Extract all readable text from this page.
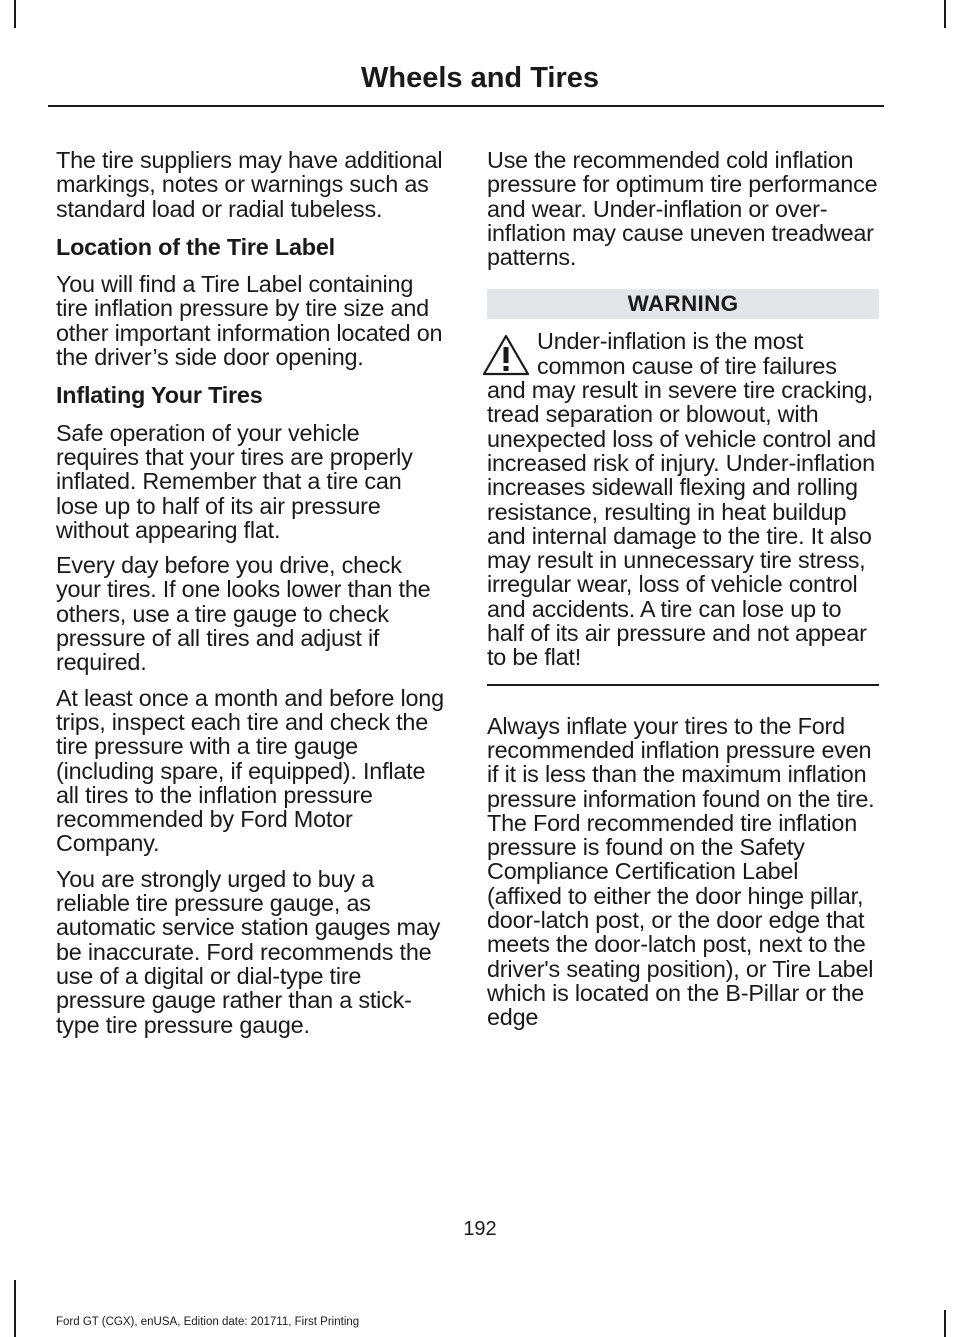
Wheels and Tires

The tire suppliers may have additional markings, notes or warnings such as standard load or radial tubeless.

Location of the Tire Label

You will find a Tire Label containing tire inflation pressure by tire size and other important information located on the driver’s side door opening.

Inflating Your Tires

Safe operation of your vehicle requires that your tires are properly inflated. Remember that a tire can lose up to half of its air pressure without appearing flat.

Every day before you drive, check your tires. If one looks lower than the others, use a tire gauge to check pressure of all tires and adjust if required.

At least once a month and before long trips, inspect each tire and check the tire pressure with a tire gauge (including spare, if equipped). Inflate all tires to the inflation pressure recommended by Ford Motor Company.

You are strongly urged to buy a reliable tire pressure gauge, as automatic service station gauges may be inaccurate. Ford recommends the use of a digital or dial-type tire pressure gauge rather than a stick-type tire pressure gauge.

Use the recommended cold inflation pressure for optimum tire performance and wear. Under-inflation or over-inflation may cause uneven treadwear patterns.

WARNING

Under-inflation is the most common cause of tire failures and may result in severe tire cracking, tread separation or blowout, with unexpected loss of vehicle control and increased risk of injury. Under-inflation increases sidewall flexing and rolling resistance, resulting in heat buildup and internal damage to the tire. It also may result in unnecessary tire stress, irregular wear, loss of vehicle control and accidents. A tire can lose up to half of its air pressure and not appear to be flat!

Always inflate your tires to the Ford recommended inflation pressure even if it is less than the maximum inflation pressure information found on the tire. The Ford recommended tire inflation pressure is found on the Safety Compliance Certification Label (affixed to either the door hinge pillar, door-latch post, or the door edge that meets the door-latch post, next to the driver's seating position), or Tire Label which is located on the B-Pillar or the edge

192

Ford GT (CGX), enUSA, Edition date: 201711, First Printing
